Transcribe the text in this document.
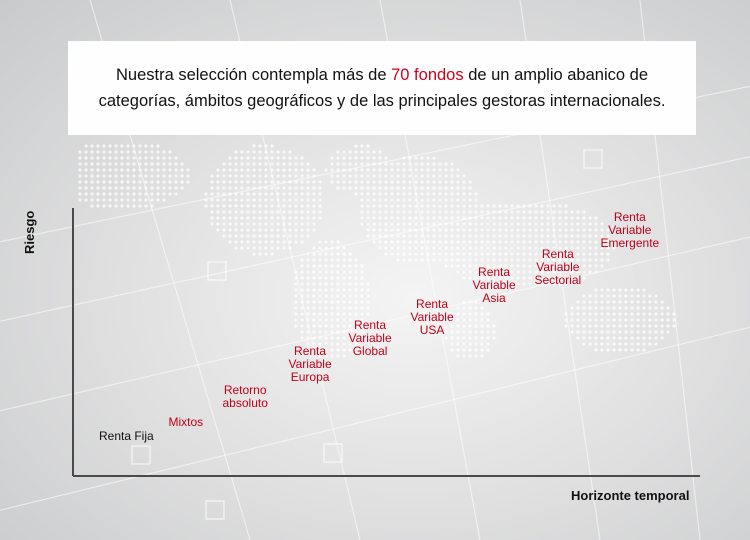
Nuestra selección contempla más de 70 fondos de un amplio abanico de
categorías, ámbitos geográficos y de las principales gestoras internacionales.
Riesgo
Horizonte temporal
Renta Fija
Mixtos
Retorno
absoluto
Renta
Variable
Europa
Renta
Variable
Global
Renta
Variable
USA
Renta
Variable
Asia
Renta
Variable
Sectorial
Renta
Variable
Emergente
